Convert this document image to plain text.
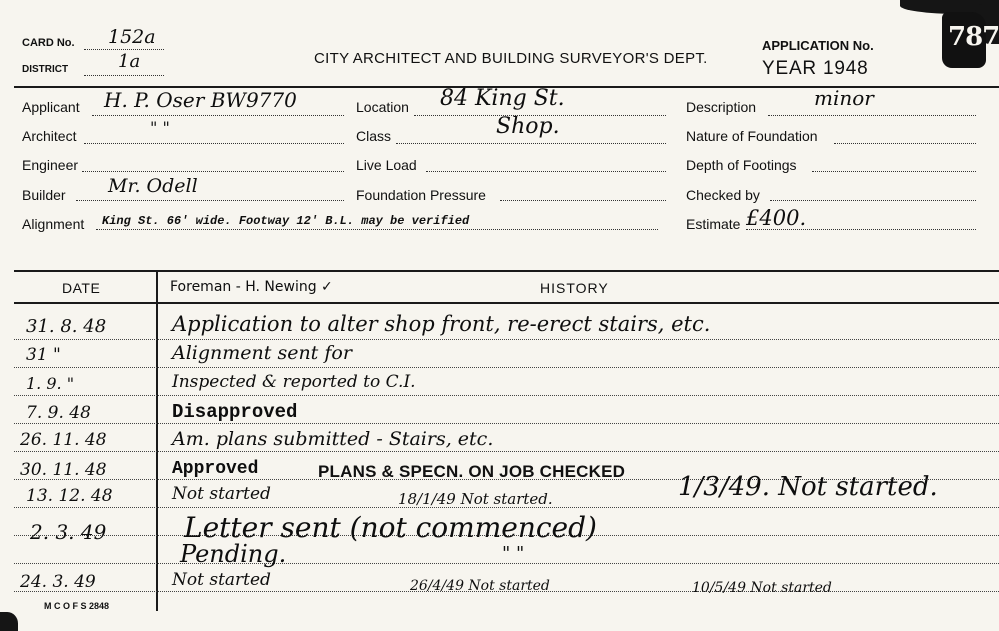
787
CARD No. 152a
DISTRICT	1a	CITY ARCHITECT AND BUILDING SURVEYOR'S DEPT.
APPLICATION No.
YEAR 1948
Applicant H. P. Oser BW9770
Architect	" "
Engineer
Builder Mr. Odell
Alignment King St. 66' wide. Footway 12' B.L. may be verified
Location 84 King St.
Class	Shop.
Live Load
Foundation Pressure
Description	minor
Nature of Foundation
Depth of Footings
Checked by
Estimate £400.
DATE	Foreman - H. Newing ✓	HISTORY
31. 8. 48	Application to alter shop front, re-erect stairs, etc.
31 "	Alignment sent for
1. 9. "	Inspected & reported to C.I.
7. 9. 48	Disapproved
26. 11. 48	Am. plans submitted - Stairs, etc.
30. 11. 48	Approved	PLANS & SPECN. ON JOB CHECKED
13. 12. 48	Not started	18/1/49 Not started.	1/3/49. Not started.
2. 3. 49	Letter sent (not commenced)
Pending.	" "
24. 3. 49	Not started	26/4/49 Not started	10/5/49 Not started
M C O F S 2848
